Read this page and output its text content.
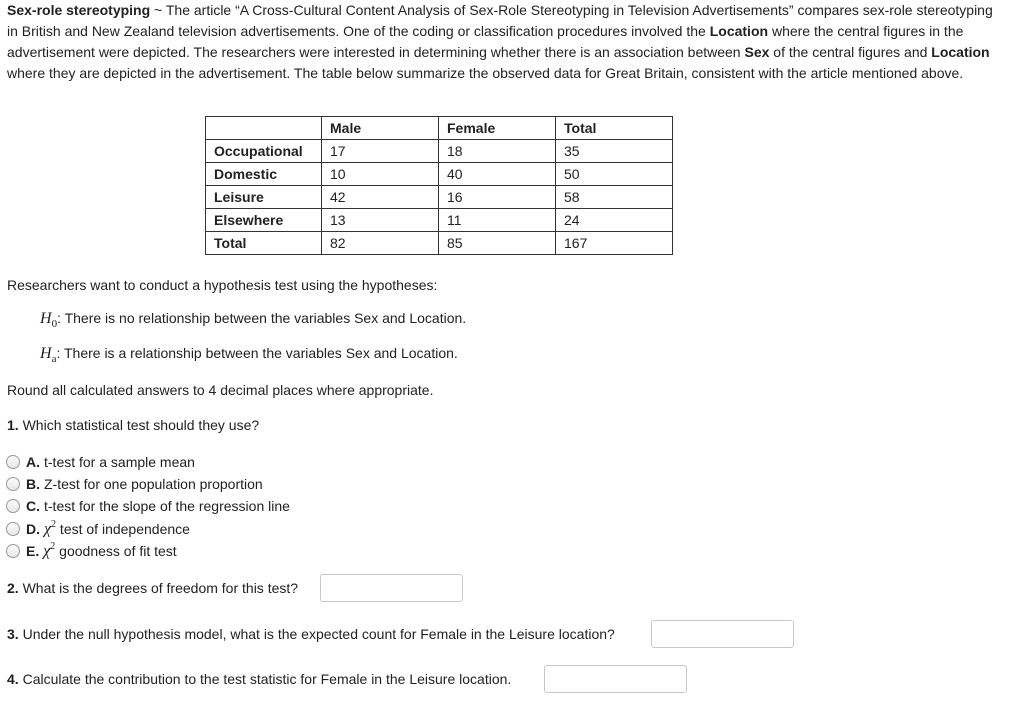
Sex-role stereotyping ~ The article “A Cross-Cultural Content Analysis of Sex-Role Stereotyping in Television Advertisements” compares sex-role stereotyping in British and New Zealand television advertisements. One of the coding or classification procedures involved the Location where the central figures in the advertisement were depicted. The researchers were interested in determining whether there is an association between Sex of the central figures and Location where they are depicted in the advertisement. The table below summarize the observed data for Great Britain, consistent with the article mentioned above.
	Male	Female	Total
Occupational	17	18	35
Domestic	10	40	50
Leisure	42	16	58
Elsewhere	13	11	24
Total	82	85	167
Researchers want to conduct a hypothesis test using the hypotheses:
$H_0$: There is no relationship between the variables Sex and Location.
$H_a$: There is a relationship between the variables Sex and Location.
Round all calculated answers to 4 decimal places where appropriate.
1. Which statistical test should they use?
A. t-test for a sample mean
B. Z-test for one population proportion
C. t-test for the slope of the regression line
D. $\chi^2$ test of independence
E. $\chi^2$ goodness of fit test
2. What is the degrees of freedom for this test?
3. Under the null hypothesis model, what is the expected count for Female in the Leisure location?
4. Calculate the contribution to the test statistic for Female in the Leisure location.
